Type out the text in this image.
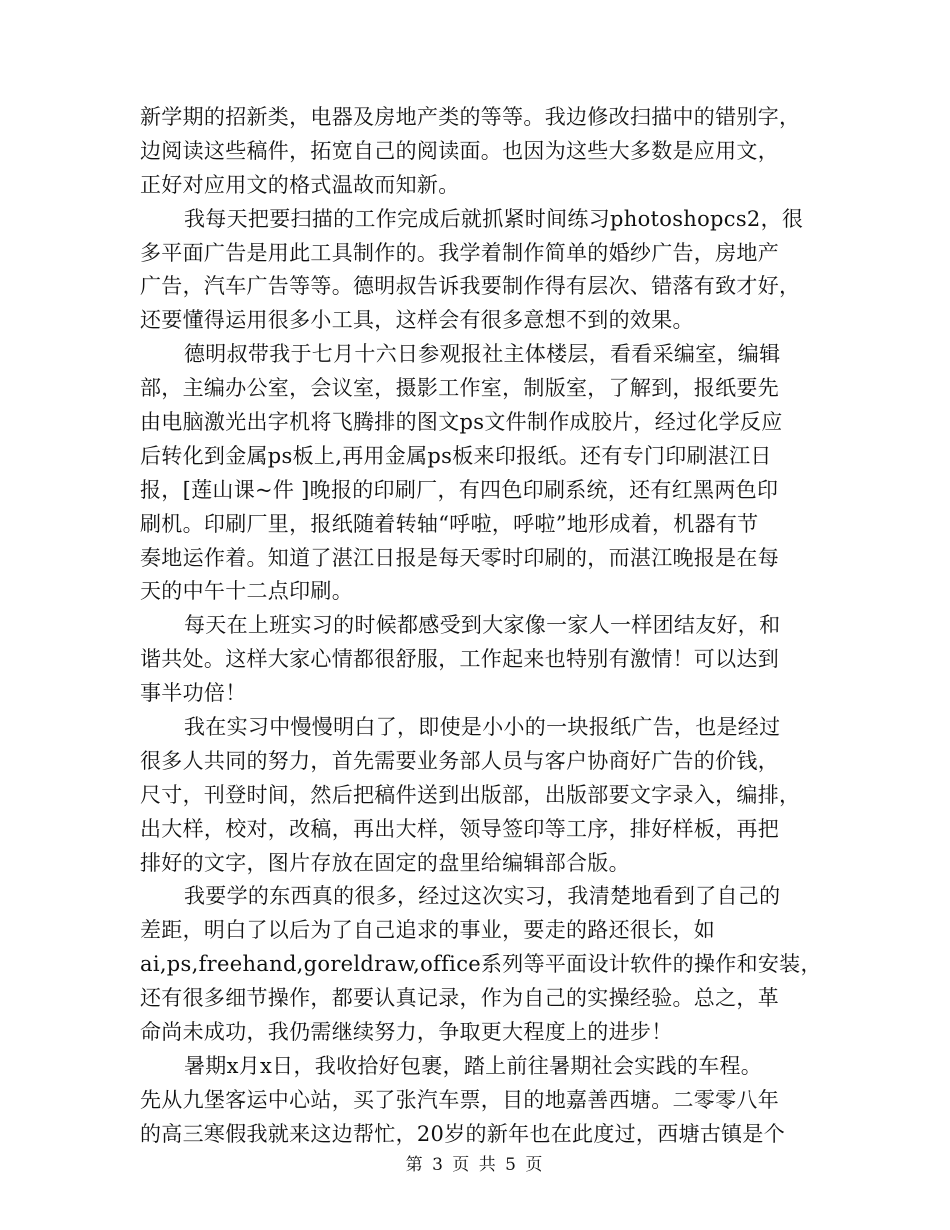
新学期的招新类，电器及房地产类的等等。我边修改扫描中的错别字，
边阅读这些稿件，拓宽自己的阅读面。也因为这些大多数是应用文，
正好对应用文的格式温故而知新。
我每天把要扫描的工作完成后就抓紧时间练习photoshopcs2，很
多平面广告是用此工具制作的。我学着制作简单的婚纱广告，房地产
广告，汽车广告等等。德明叔告诉我要制作得有层次、错落有致才好，
还要懂得运用很多小工具，这样会有很多意想不到的效果。
德明叔带我于七月十六日参观报社主体楼层，看看采编室，编辑
部，主编办公室，会议室，摄影工作室，制版室，了解到，报纸要先
由电脑激光出字机将飞腾排的图文ps文件制作成胶片，经过化学反应
后转化到金属ps板上,再用金属ps板来印报纸。还有专门印刷湛江日
报，[莲山课~件 ]晚报的印刷厂，有四色印刷系统，还有红黑两色印
刷机。印刷厂里，报纸随着转轴“呼啦，呼啦”地形成着，机器有节
奏地运作着。知道了湛江日报是每天零时印刷的，而湛江晚报是在每
天的中午十二点印刷。
每天在上班实习的时候都感受到大家像一家人一样团结友好，和
谐共处。这样大家心情都很舒服，工作起来也特别有激情！可以达到
事半功倍！
我在实习中慢慢明白了，即使是小小的一块报纸广告，也是经过
很多人共同的努力，首先需要业务部人员与客户协商好广告的价钱，
尺寸，刊登时间，然后把稿件送到出版部，出版部要文字录入，编排，
出大样，校对，改稿，再出大样，领导签印等工序，排好样板，再把
排好的文字，图片存放在固定的盘里给编辑部合版。
我要学的东西真的很多，经过这次实习，我清楚地看到了自己的
差距，明白了以后为了自己追求的事业，要走的路还很长，如
ai,ps,freehand,goreldraw,office系列等平面设计软件的操作和安装，
还有很多细节操作，都要认真记录，作为自己的实操经验。总之，革
命尚未成功，我仍需继续努力，争取更大程度上的进步！
暑期x月x日，我收拾好包裹，踏上前往暑期社会实践的车程。
先从九堡客运中心站，买了张汽车票，目的地嘉善西塘。二零零八年
的高三寒假我就来这边帮忙，20岁的新年也在此度过，西塘古镇是个
第 3 页 共 5 页
